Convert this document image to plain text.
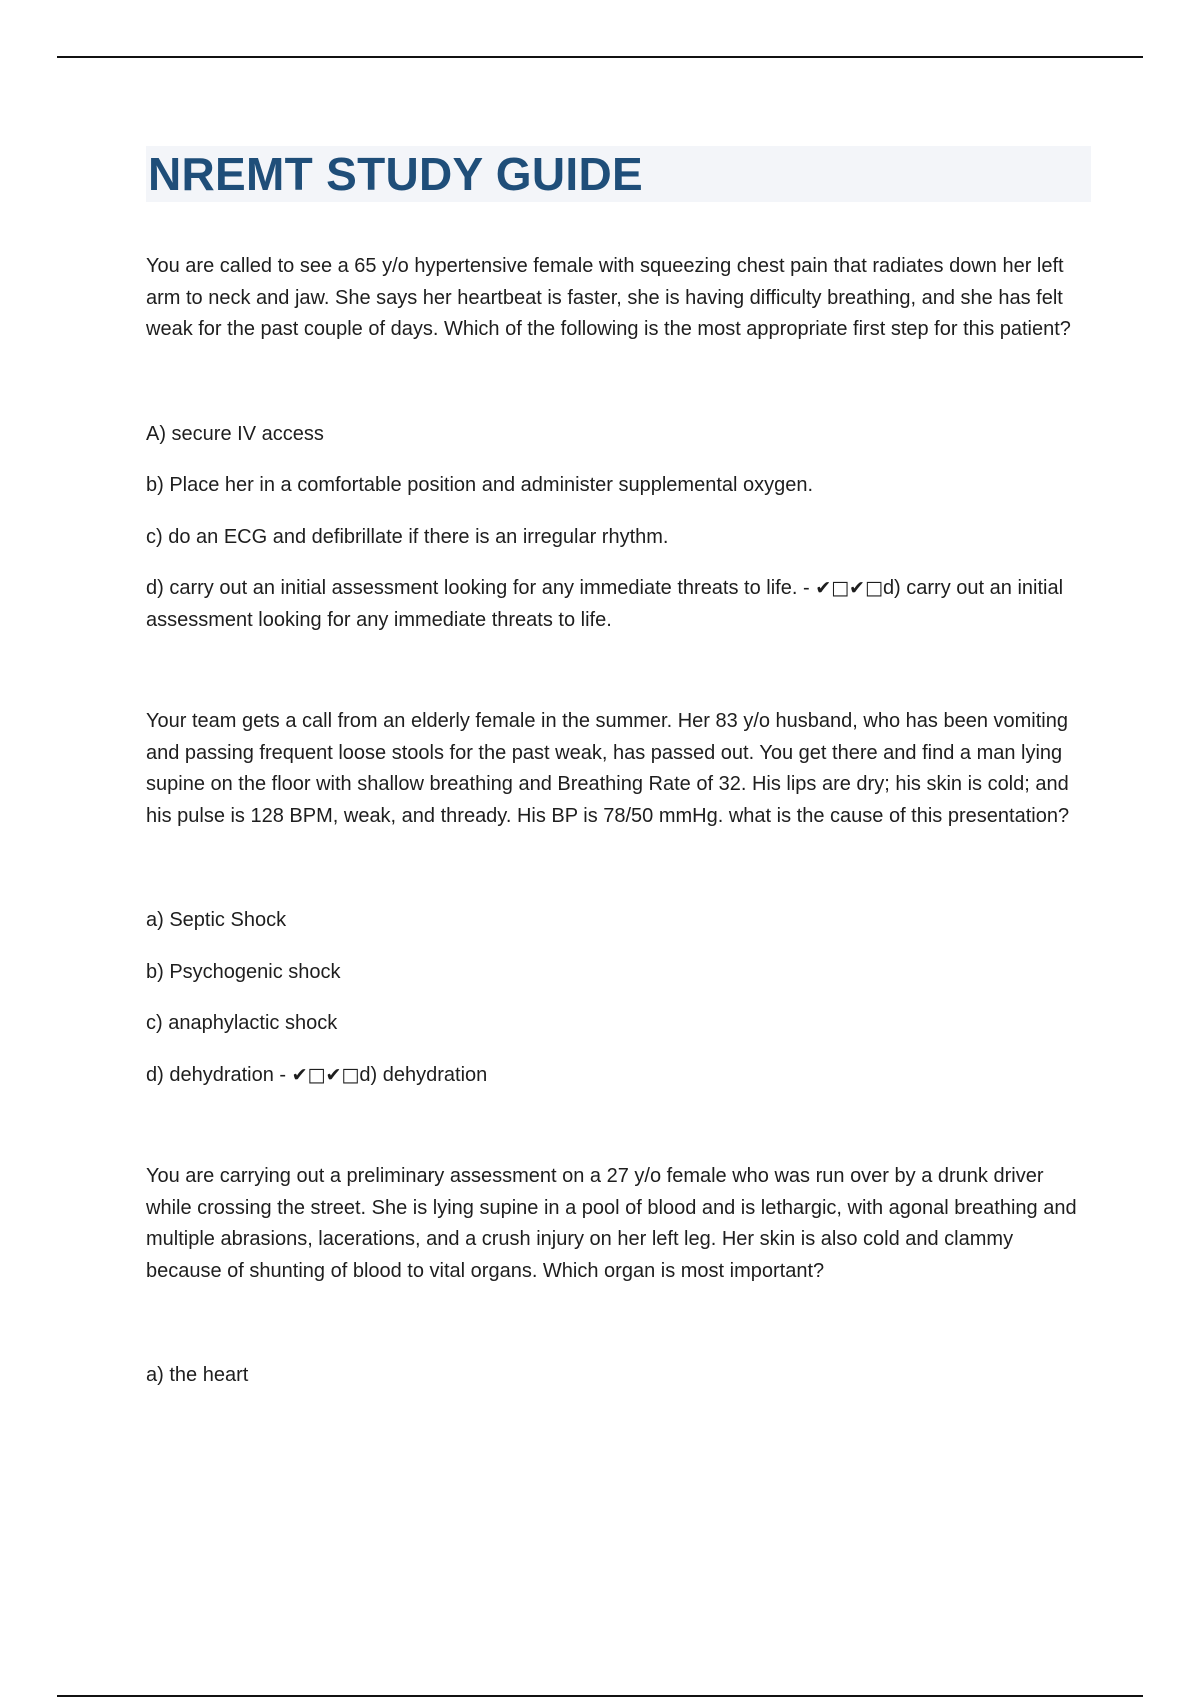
NREMT STUDY GUIDE

You are called to see a 65 y/o hypertensive female with squeezing chest pain that radiates down her left arm to neck and jaw. She says her heartbeat is faster, she is having difficulty breathing, and she has felt weak for the past couple of days. Which of the following is the most appropriate first step for this patient?

A) secure IV access

b) Place her in a comfortable position and administer supplemental oxygen.

c) do an ECG and defibrillate if there is an irregular rhythm.

d) carry out an initial assessment looking for any immediate threats to life. - ✔□✔□d) carry out an initial assessment looking for any immediate threats to life.

Your team gets a call from an elderly female in the summer. Her 83 y/o husband, who has been vomiting and passing frequent loose stools for the past weak, has passed out. You get there and find a man lying supine on the floor with shallow breathing and Breathing Rate of 32. His lips are dry; his skin is cold; and his pulse is 128 BPM, weak, and thready. His BP is 78/50 mmHg. what is the cause of this presentation?

a) Septic Shock

b) Psychogenic shock

c) anaphylactic shock

d) dehydration - ✔□✔□d) dehydration

You are carrying out a preliminary assessment on a 27 y/o female who was run over by a drunk driver while crossing the street. She is lying supine in a pool of blood and is lethargic, with agonal breathing and multiple abrasions, lacerations, and a crush injury on her left leg. Her skin is also cold and clammy because of shunting of blood to vital organs. Which organ is most important?

a) the heart
